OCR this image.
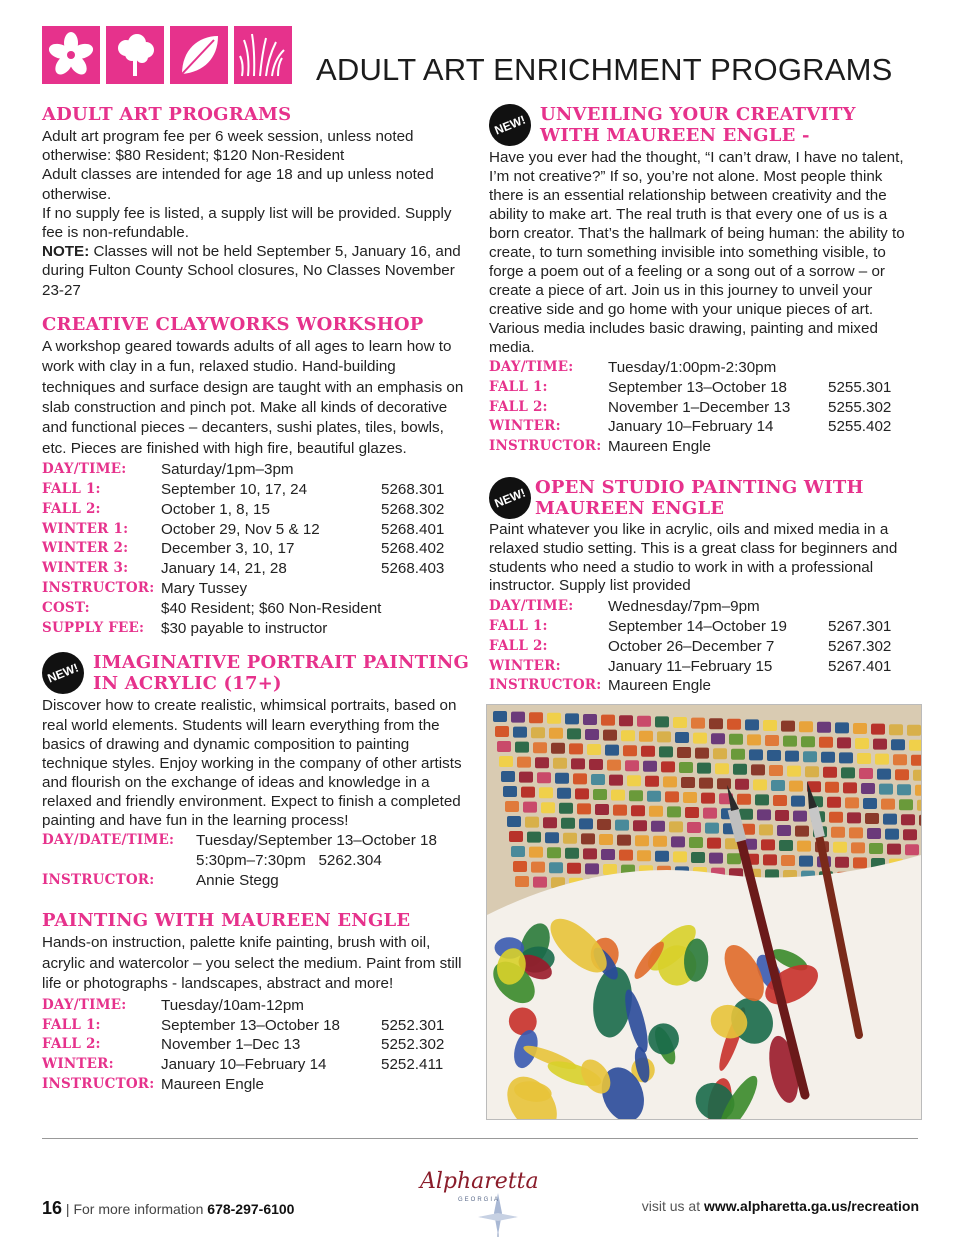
ADULT ART ENRICHMENT PROGRAMS
ADULT ART PROGRAMS

Adult art program fee per 6 week session, unless noted otherwise: $80 Resident; $120 Non-Resident

Adult classes are intended for age 18 and up unless noted otherwise.

If no supply fee is listed, a supply list will be provided. Supply fee is non-refundable.

NOTE: Classes will not be held September 5, January 16, and during Fulton County School closures, No Classes November 23-27

CREATIVE CLAYWORKS WORKSHOP

A workshop geared towards adults of all ages to learn how to work with clay in a fun, relaxed studio. Hand-building techniques and surface design are taught with an emphasis on slab construction and pinch pot. Make all kinds of decorative and functional pieces – decanters, sushi plates, tiles, bowls, etc. Pieces are finished with high fire, beautiful glazes.

DAY/TIME:	Saturday/1pm–3pm	
FALL 1:	September 10, 17, 24	5268.301
FALL 2:	October 1, 8, 15	5268.302
WINTER 1:	October 29, Nov 5 & 12	5268.401
WINTER 2:	December 3, 10, 17	5268.402
WINTER 3:	January 14, 21, 28	5268.403
INSTRUCTOR:	Mary Tussey	
COST:	$40 Resident; $60 Non-Resident	
SUPPLY FEE:	$30 payable to instructor	
NEW! IMAGINATIVE PORTRAIT PAINTING IN ACRYLIC (17+)

Discover how to create realistic, whimsical portraits, based on real world elements. Students will learn everything from the basics of drawing and dynamic composition to painting technique styles. Enjoy working in the company of other artists and flourish on the exchange of ideas and knowledge in a relaxed and friendly environment. Expect to finish a completed painting and have fun in the learning process!

DAY/DATE/TIME:	Tuesday/September 13–October 18
	5:30pm–7:30pm 5262.304
INSTRUCTOR:	Annie Stegg
PAINTING WITH MAUREEN ENGLE

Hands-on instruction, palette knife painting, brush with oil, acrylic and watercolor – you select the medium. Paint from still life or photographs - landscapes, abstract and more!

DAY/TIME:	Tuesday/10am-12pm	
FALL 1:	September 13–October 18	5252.301
FALL 2:	November 1–Dec 13	5252.302
WINTER:	January 10–February 14	5252.411
INSTRUCTOR:	Maureen Engle	
NEW! UNVEILING YOUR CREATVITY WITH MAUREEN ENGLE -

Have you ever had the thought, “I can’t draw, I have no talent, I’m not creative?” If so, you’re not alone. Most people think there is an essential relationship between creativity and the ability to make art. The real truth is that every one of us is a born creator. That’s the hallmark of being human: the ability to create, to turn something invisible into something visible, to forge a poem out of a feeling or a song out of a sorrow – or create a piece of art. Join us in this journey to unveil your creative side and go home with your unique pieces of art. Various media includes basic drawing, painting and mixed media.

DAY/TIME:	Tuesday/1:00pm-2:30pm	
FALL 1:	September 13–October 18	5255.301
FALL 2:	November 1–December 13	5255.302
WINTER:	January 10–February 14	5255.402
INSTRUCTOR:	Maureen Engle	
NEW! OPEN STUDIO PAINTING WITH MAUREEN ENGLE

Paint whatever you like in acrylic, oils and mixed media in a relaxed studio setting. This is a great class for beginners and students who need a studio to work in with a professional instructor. Supply list provided

DAY/TIME:	Wednesday/7pm–9pm	
FALL 1:	September 14–October 19	5267.301
FALL 2:	October 26–December 7	5267.302
WINTER:	January 11–February 15	5267.401
INSTRUCTOR:	Maureen Engle	
16 | For more information 678-297-6100
Alpharetta
GEORGIA	visit us at www.alpharetta.ga.us/recreation
